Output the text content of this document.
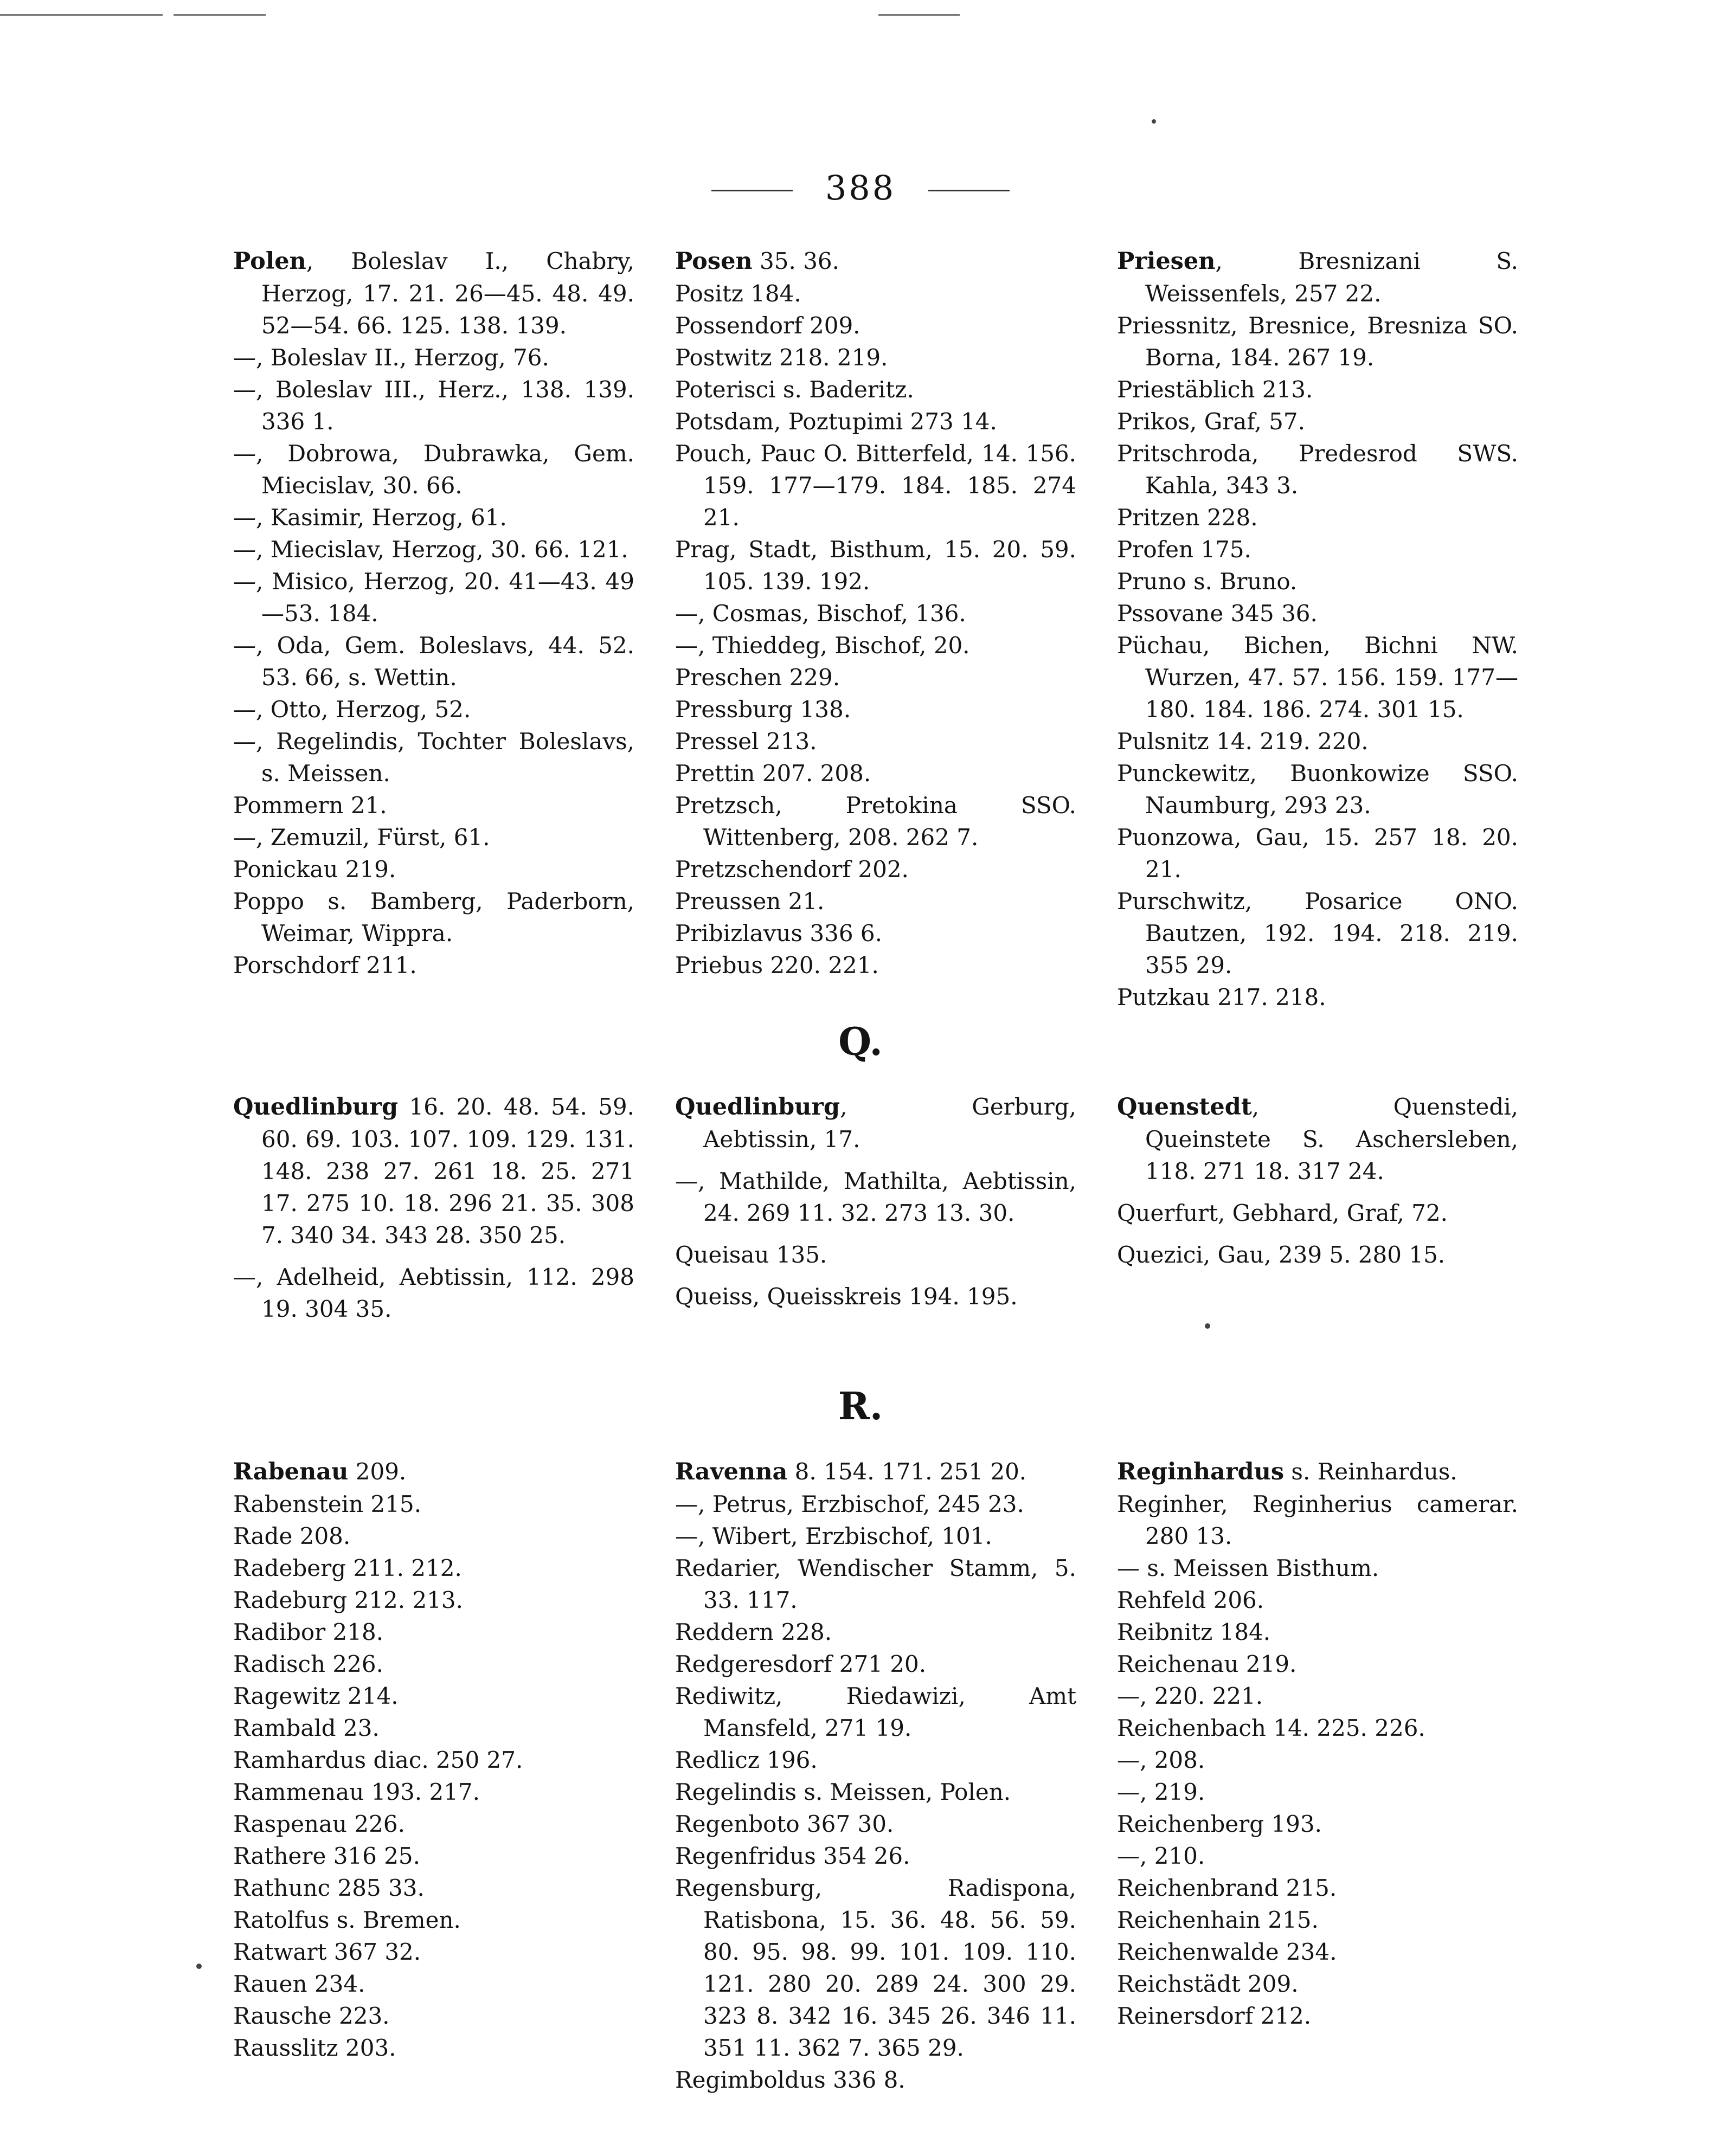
388
Polen, Boleslav I., Chabry, Herzog, 17. 21. 26—45. 48. 49. 52—54. 66. 125. 138. 139.
—, Boleslav II., Herzog, 76.
—, Boleslav III., Herz., 138. 139. 336 1.
—, Dobrowa, Dubrawka, Gem. Miecislav, 30. 66.
—, Kasimir, Herzog, 61.
—, Miecislav, Herzog, 30. 66. 121.
—, Misico, Herzog, 20. 41—43. 49—53. 184.
—, Oda, Gem. Boleslavs, 44. 52. 53. 66, s. Wettin.
—, Otto, Herzog, 52.
—, Regelindis, Tochter Boleslavs, s. Meissen.
Pommern 21.
—, Zemuzil, Fürst, 61.
Ponickau 219.
Poppo s. Bamberg, Paderborn, Weimar, Wippra.
Porschdorf 211.
Posen 35. 36.
Positz 184.
Possendorf 209.
Postwitz 218. 219.
Poterisci s. Baderitz.
Potsdam, Poztupimi 273 14.
Pouch, Pauc O. Bitterfeld, 14. 156. 159. 177—179. 184. 185. 274 21.
Prag, Stadt, Bisthum, 15. 20. 59. 105. 139. 192.
—, Cosmas, Bischof, 136.
—, Thieddeg, Bischof, 20.
Preschen 229.
Pressburg 138.
Pressel 213.
Prettin 207. 208.
Pretzsch, Pretokina SSO. Wittenberg, 208. 262 7.
Pretzschendorf 202.
Preussen 21.
Pribizlavus 336 6.
Priebus 220. 221.
Priesen, Bresnizani S. Weissenfels, 257 22.
Priessnitz, Bresnice, Bresniza SO. Borna, 184. 267 19.
Priestäblich 213.
Prikos, Graf, 57.
Pritschroda, Predesrod SWS. Kahla, 343 3.
Pritzen 228.
Profen 175.
Pruno s. Bruno.
Pssovane 345 36.
Püchau, Bichen, Bichni NW. Wurzen, 47. 57. 156. 159. 177—180. 184. 186. 274. 301 15.
Pulsnitz 14. 219. 220.
Punckewitz, Buonkowize SSO. Naumburg, 293 23.
Puonzowa, Gau, 15. 257 18. 20. 21.
Purschwitz, Posarice ONO. Bautzen, 192. 194. 218. 219. 355 29.
Putzkau 217. 218.
Q.
Quedlinburg 16. 20. 48. 54. 59. 60. 69. 103. 107. 109. 129. 131. 148. 238 27. 261 18. 25. 271 17. 275 10. 18. 296 21. 35. 308 7. 340 34. 343 28. 350 25.
—, Adelheid, Aebtissin, 112. 298 19. 304 35.
Quedlinburg, Gerburg, Aebtissin, 17.
—, Mathilde, Mathilta, Aebtissin, 24. 269 11. 32. 273 13. 30.
Queisau 135.
Queiss, Queisskreis 194. 195.
Quenstedt, Quenstedi, Queinstete S. Aschersleben, 118. 271 18. 317 24.
Querfurt, Gebhard, Graf, 72.
Quezici, Gau, 239 5. 280 15.
R.
Rabenau 209.
Rabenstein 215.
Rade 208.
Radeberg 211. 212.
Radeburg 212. 213.
Radibor 218.
Radisch 226.
Ragewitz 214.
Rambald 23.
Ramhardus diac. 250 27.
Rammenau 193. 217.
Raspenau 226.
Rathere 316 25.
Rathunc 285 33.
Ratolfus s. Bremen.
Ratwart 367 32.
Rauen 234.
Rausche 223.
Rausslitz 203.
Ravenna 8. 154. 171. 251 20.
—, Petrus, Erzbischof, 245 23.
—, Wibert, Erzbischof, 101.
Redarier, Wendischer Stamm, 5. 33. 117.
Reddern 228.
Redgeresdorf 271 20.
Rediwitz, Riedawizi, Amt Mansfeld, 271 19.
Redlicz 196.
Regelindis s. Meissen, Polen.
Regenboto 367 30.
Regenfridus 354 26.
Regensburg, Radispona, Ratisbona, 15. 36. 48. 56. 59. 80. 95. 98. 99. 101. 109. 110. 121. 280 20. 289 24. 300 29. 323 8. 342 16. 345 26. 346 11. 351 11. 362 7. 365 29.
Regimboldus 336 8.
Reginhardus s. Reinhardus.
Reginher, Reginherius camerar. 280 13.
— s. Meissen Bisthum.
Rehfeld 206.
Reibnitz 184.
Reichenau 219.
—, 220. 221.
Reichenbach 14. 225. 226.
—, 208.
—, 219.
Reichenberg 193.
—, 210.
Reichenbrand 215.
Reichenhain 215.
Reichenwalde 234.
Reichstädt 209.
Reinersdorf 212.
